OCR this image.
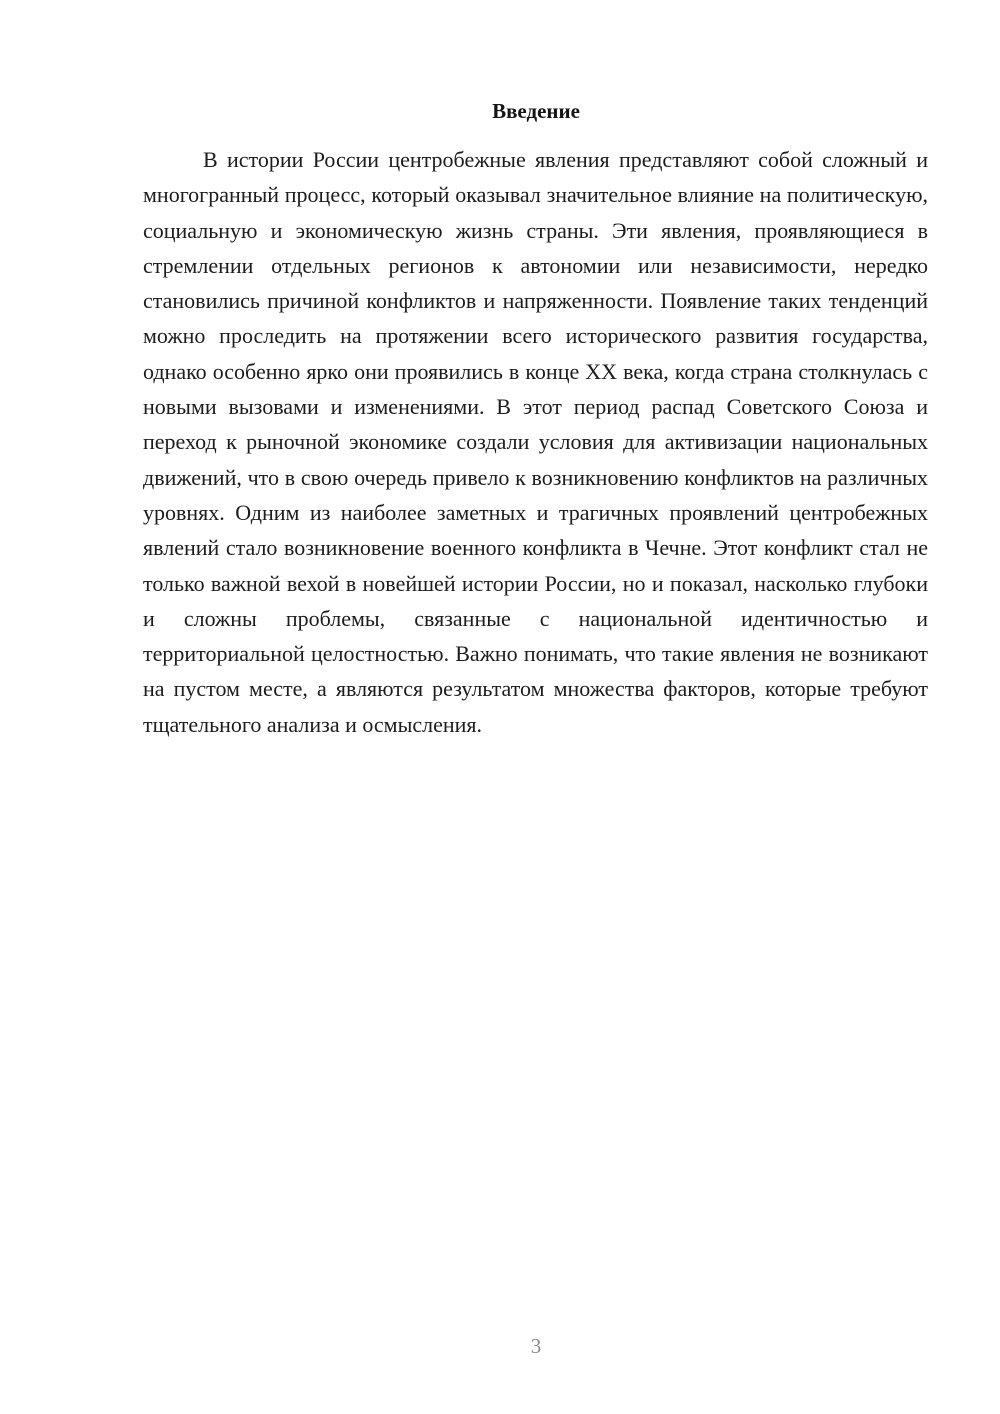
Введение

В истории России центробежные явления представляют собой сложный и многогранный процесс, который оказывал значительное влияние на политическую, социальную и экономическую жизнь страны. Эти явления, проявляющиеся в стремлении отдельных регионов к автономии или независимости, нередко становились причиной конфликтов и напряженности. Появление таких тенденций можно проследить на протяжении всего исторического развития государства, однако особенно ярко они проявились в конце XX века, когда страна столкнулась с новыми вызовами и изменениями. В этот период распад Советского Союза и переход к рыночной экономике создали условия для активизации национальных движений, что в свою очередь привело к возникновению конфликтов на различных уровнях. Одним из наиболее заметных и трагичных проявлений центробежных явлений стало возникновение военного конфликта в Чечне. Этот конфликт стал не только важной вехой в новейшей истории России, но и показал, насколько глубоки и сложны проблемы, связанные с национальной идентичностью и территориальной целостностью. Важно понимать, что такие явления не возникают на пустом месте, а являются результатом множества факторов, которые требуют тщательного анализа и осмысления.

3
